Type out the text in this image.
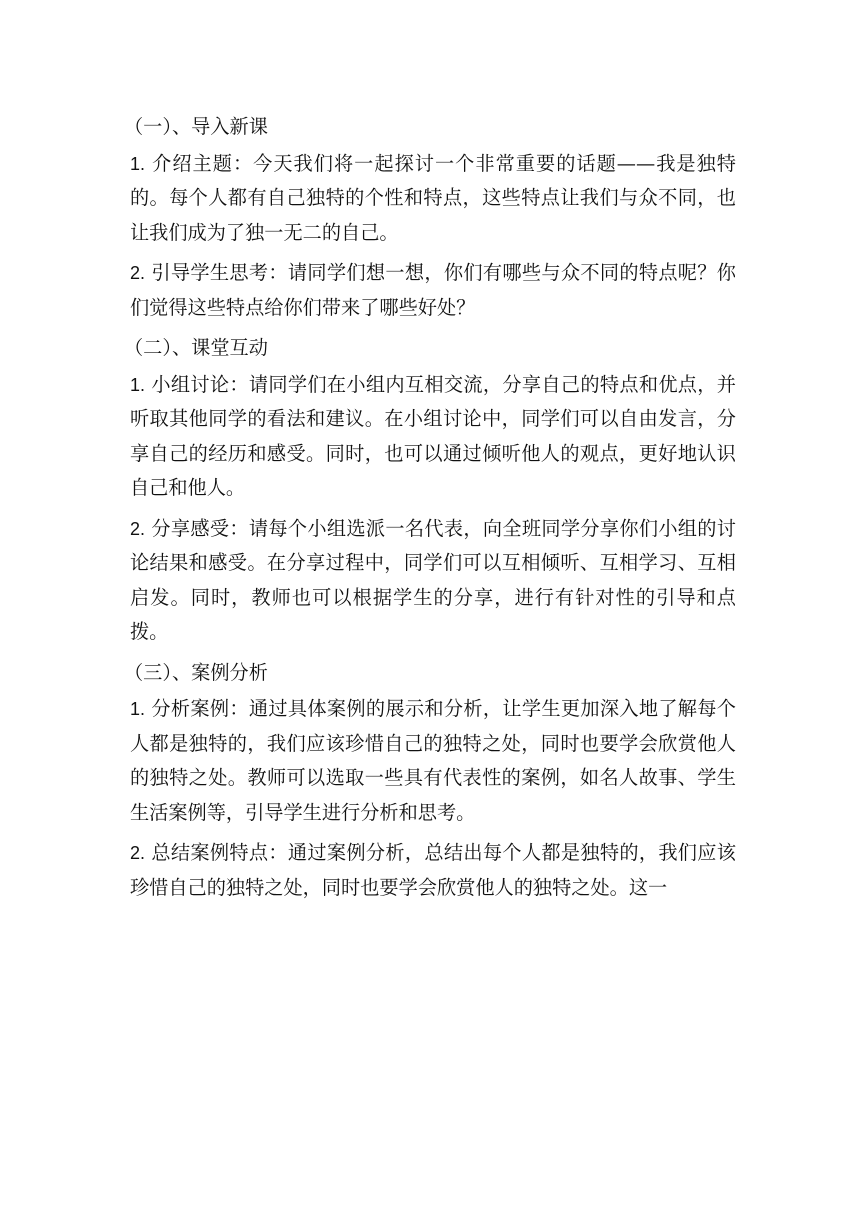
（一）、导入新课

1. 介绍主题：今天我们将一起探讨一个非常重要的话题——我是独特的。每个人都有自己独特的个性和特点，这些特点让我们与众不同，也让我们成为了独一无二的自己。

2. 引导学生思考：请同学们想一想，你们有哪些与众不同的特点呢？你们觉得这些特点给你们带来了哪些好处？

（二）、课堂互动

1. 小组讨论：请同学们在小组内互相交流，分享自己的特点和优点，并听取其他同学的看法和建议。在小组讨论中，同学们可以自由发言，分享自己的经历和感受。同时，也可以通过倾听他人的观点，更好地认识自己和他人。

2. 分享感受：请每个小组选派一名代表，向全班同学分享你们小组的讨论结果和感受。在分享过程中，同学们可以互相倾听、互相学习、互相启发。同时，教师也可以根据学生的分享，进行有针对性的引导和点拨。

（三）、案例分析

1. 分析案例：通过具体案例的展示和分析，让学生更加深入地了解每个人都是独特的，我们应该珍惜自己的独特之处，同时也要学会欣赏他人的独特之处。教师可以选取一些具有代表性的案例，如名人故事、学生生活案例等，引导学生进行分析和思考。

2. 总结案例特点：通过案例分析，总结出每个人都是独特的，我们应该珍惜自己的独特之处，同时也要学会欣赏他人的独特之处。这一
